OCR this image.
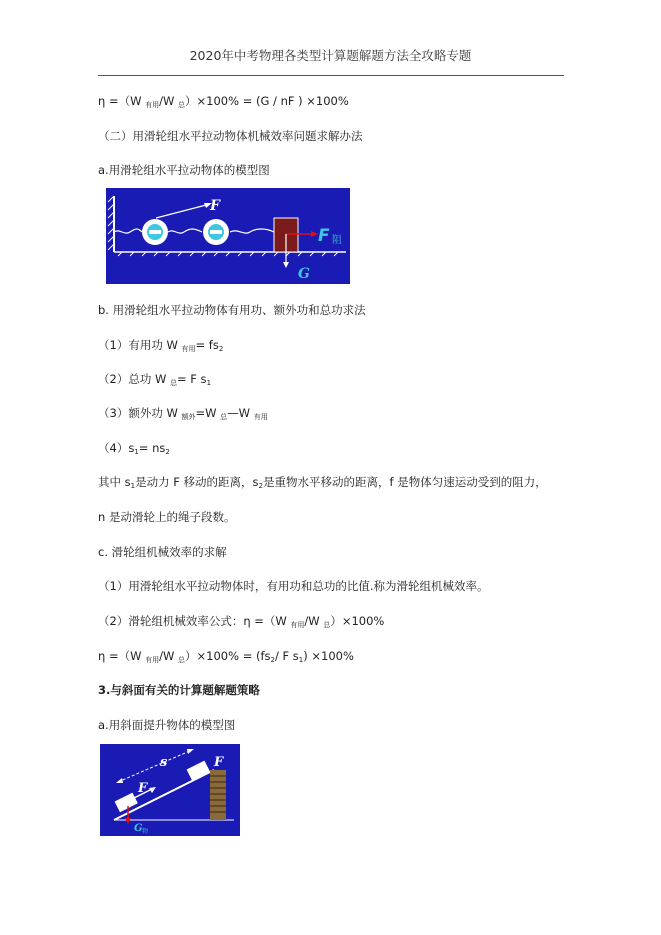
2020年中考物理各类型计算题解题方法全攻略专题
η =（W $_{有用}$/W $_总$）×100% = (G / nF ) ×100%
（二）用滑轮组水平拉动物体机械效率问题求解办法
a.用滑轮组水平拉动物体的模型图
F
F 阻
G
b. 用滑轮组水平拉动物体有用功、额外功和总功求法
（1）有用功 W $_{有用}= fs_2$
（2）总功 W $_总$= F $s_1$
（3）额外功 W $_{额外}$=W $_总$—W $_{有用}$
$(4)s_1= ns_2$
其中 $s_1$是动力 F 移动的距离，$s_2$是重物水平移动的距离，f 是物体匀速运动受到的阻力，
n 是动滑轮上的绳子段数。
c. 滑轮组机械效率的求解
（1）用滑轮组水平拉动物体时，有用功和总功的比值.称为滑轮组机械效率。
（2）滑轮组机械效率公式：η =（W $_{有用}$/W $_总$）×100%
η =（W $_{有用}$/W $_总)\times 100\% = (fs_2/$ F $s_1) \times 100\%$
3.与斜面有关的计算题解题策略
a.用斜面提升物体的模型图
s	F
F
G 物
